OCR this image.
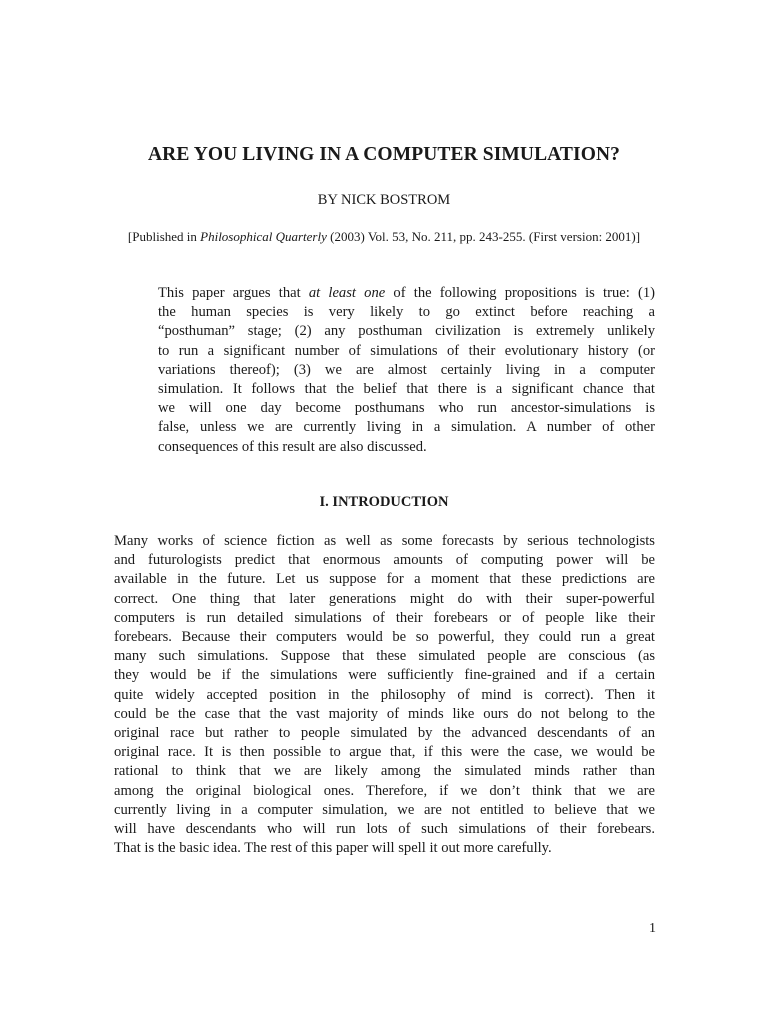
ARE YOU LIVING IN A COMPUTER SIMULATION?
BY NICK BOSTROM
[Published in Philosophical Quarterly (2003) Vol. 53, No. 211, pp. 243-255. (First version: 2001)]
This paper argues that at least one of the following propositions is true: (1)
the human species is very likely to go extinct before reaching a
“posthuman” stage; (2) any posthuman civilization is extremely unlikely
to run a significant number of simulations of their evolutionary history (or
variations thereof); (3) we are almost certainly living in a computer
simulation. It follows that the belief that there is a significant chance that
we will one day become posthumans who run ancestor-simulations is
false, unless we are currently living in a simulation. A number of other
consequences of this result are also discussed.
I. INTRODUCTION
Many works of science fiction as well as some forecasts by serious technologists
and futurologists predict that enormous amounts of computing power will be
available in the future. Let us suppose for a moment that these predictions are
correct. One thing that later generations might do with their super-powerful
computers is run detailed simulations of their forebears or of people like their
forebears. Because their computers would be so powerful, they could run a great
many such simulations. Suppose that these simulated people are conscious (as
they would be if the simulations were sufficiently fine-grained and if a certain
quite widely accepted position in the philosophy of mind is correct). Then it
could be the case that the vast majority of minds like ours do not belong to the
original race but rather to people simulated by the advanced descendants of an
original race. It is then possible to argue that, if this were the case, we would be
rational to think that we are likely among the simulated minds rather than
among the original biological ones. Therefore, if we don’t think that we are
currently living in a computer simulation, we are not entitled to believe that we
will have descendants who will run lots of such simulations of their forebears.
That is the basic idea. The rest of this paper will spell it out more carefully.
1
